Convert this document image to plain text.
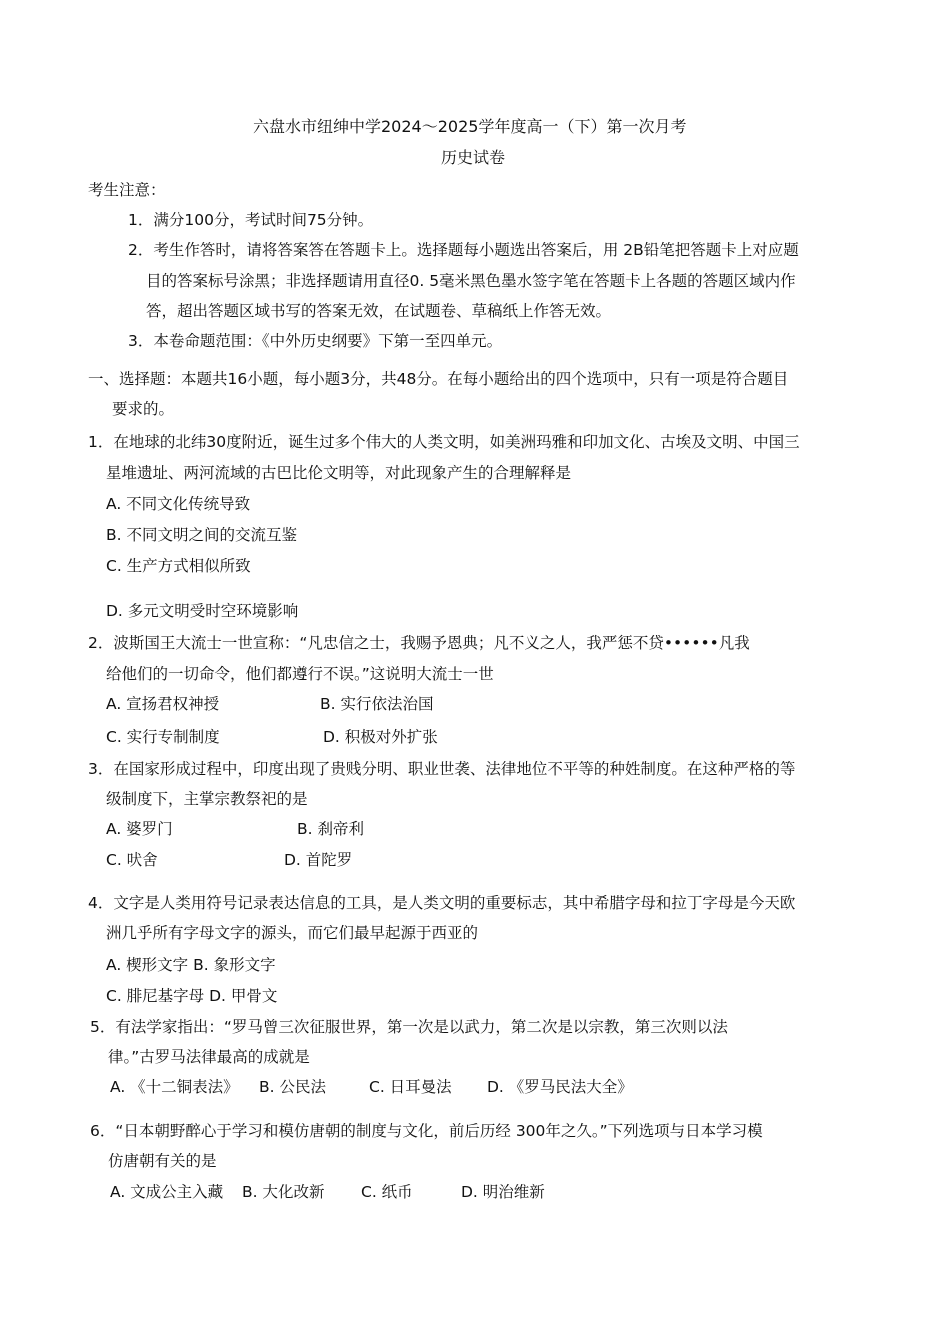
六盘水市纽绅中学2024～2025学年度高一（下）第一次月考
历史试卷
考生注意：
1．满分100分，考试时间75分钟。
2．考生作答时，请将答案答在答题卡上。选择题每小题选出答案后，用 2B铅笔把答题卡上对应题
目的答案标号涂黑；非选择题请用直径0. 5毫米黑色墨水签字笔在答题卡上各题的答题区域内作
答，超出答题区域书写的答案无效，在试题卷、草稿纸上作答无效。
3．本卷命题范围：《中外历史纲要》下第一至四单元。
一、选择题：本题共16小题，每小题3分，共48分。在每小题给出的四个选项中，只有一项是符合题目
要求的。
1．在地球的北纬30度附近，诞生过多个伟大的人类文明，如美洲玛雅和印加文化、古埃及文明、中国三
星堆遗址、两河流域的古巴比伦文明等，对此现象产生的合理解释是
A. 不同文化传统导致
B. 不同文明之间的交流互鉴
C. 生产方式相似所致
D. 多元文明受时空环境影响
2．波斯国王大流士一世宣称：“凡忠信之士，我赐予恩典；凡不义之人，我严惩不贷••••••凡我
给他们的一切命令，他们都遵行不误。”这说明大流士一世
A. 宣扬君权神授	B. 实行依法治国
C. 实行专制制度	D. 积极对外扩张
3．在国家形成过程中，印度出现了贵贱分明、职业世袭、法律地位不平等的种姓制度。在这种严格的等
级制度下，主掌宗教祭祀的是
A. 婆罗门	B. 刹帝利
C. 吠舍	D. 首陀罗
4．文字是人类用符号记录表达信息的工具，是人类文明的重要标志，其中希腊字母和拉丁字母是今天欧
洲几乎所有字母文字的源头，而它们最早起源于西亚的
A. 楔形文字 B. 象形文字
C. 腓尼基字母 D. 甲骨文
5．有法学家指出：“罗马曾三次征服世界，第一次是以武力，第二次是以宗教，第三次则以法
律。”古罗马法律最高的成就是
A. 《十二铜表法》 B. 公民法	C. 日耳曼法 D. 《罗马民法大全》
6．“日本朝野醉心于学习和模仿唐朝的制度与文化，前后历经 300年之久。”下列选项与日本学习模
仿唐朝有关的是
A. 文成公主入藏 B. 大化改新 C. 纸币	D. 明治维新
